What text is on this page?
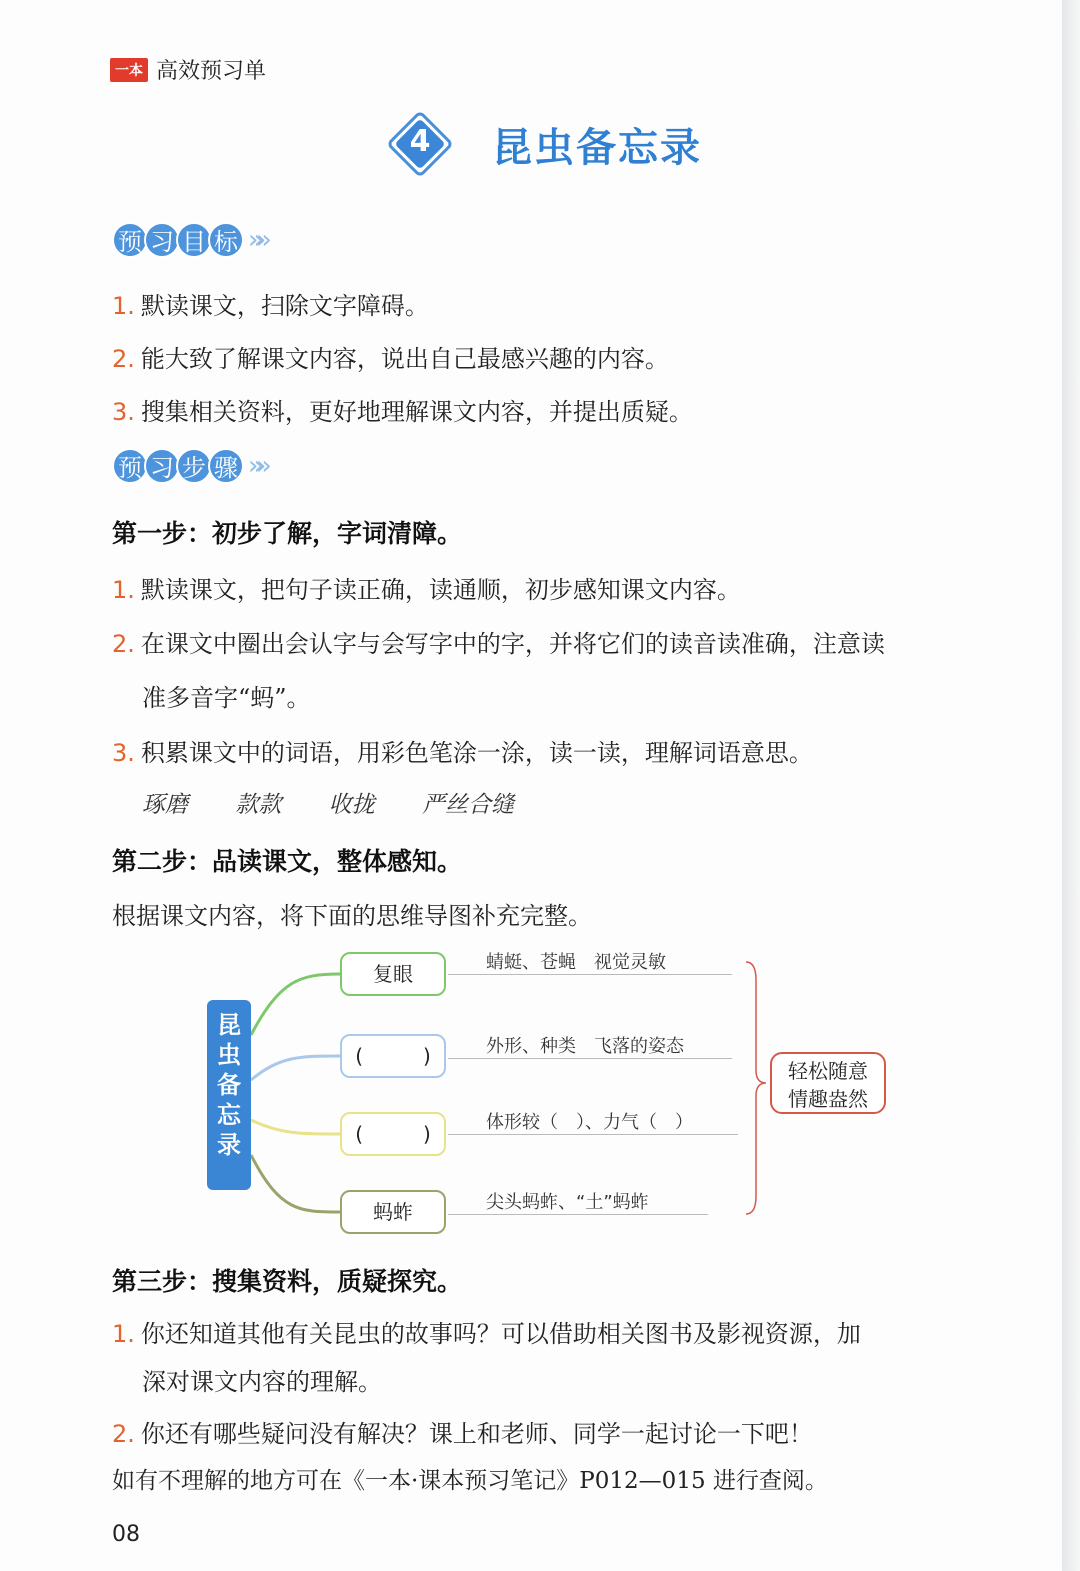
一本 高效预习单
4	昆虫备忘录
预 习 目 标 »»
1. 默读课文，扫除文字障碍。
2. 能大致了解课文内容，说出自己最感兴趣的内容。
3. 搜集相关资料，更好地理解课文内容，并提出质疑。
预 习 步 骤 »»
第一步：初步了解，字词清障。
1. 默读课文，把句子读正确，读通顺，初步感知课文内容。
2. 在课文中圈出会认字与会写字中的字，并将它们的读音读准确，注意读
准多音字“蚂”。
3. 积累课文中的词语，用彩色笔涂一涂，读一读，理解词语意思。
琢磨 款款 收拢 严丝合缝
第二步：品读课文，整体感知。
根据课文内容，将下面的思维导图补充完整。
昆
虫
备
忘
录
复眼
(　　　)
(　　　)
蚂蚱
蜻蜓、苍蝇　视觉灵敏
外形、种类　飞落的姿态
体形较（　）、力气（　）
尖头蚂蚱、“土”蚂蚱
轻松随意
情趣盎然
第三步：搜集资料，质疑探究。
1. 你还知道其他有关昆虫的故事吗？可以借助相关图书及影视资源，加
深对课文内容的理解。
2. 你还有哪些疑问没有解决？课上和老师、同学一起讨论一下吧！
如有不理解的地方可在《一本·课本预习笔记》P012—015 进行查阅。
08
